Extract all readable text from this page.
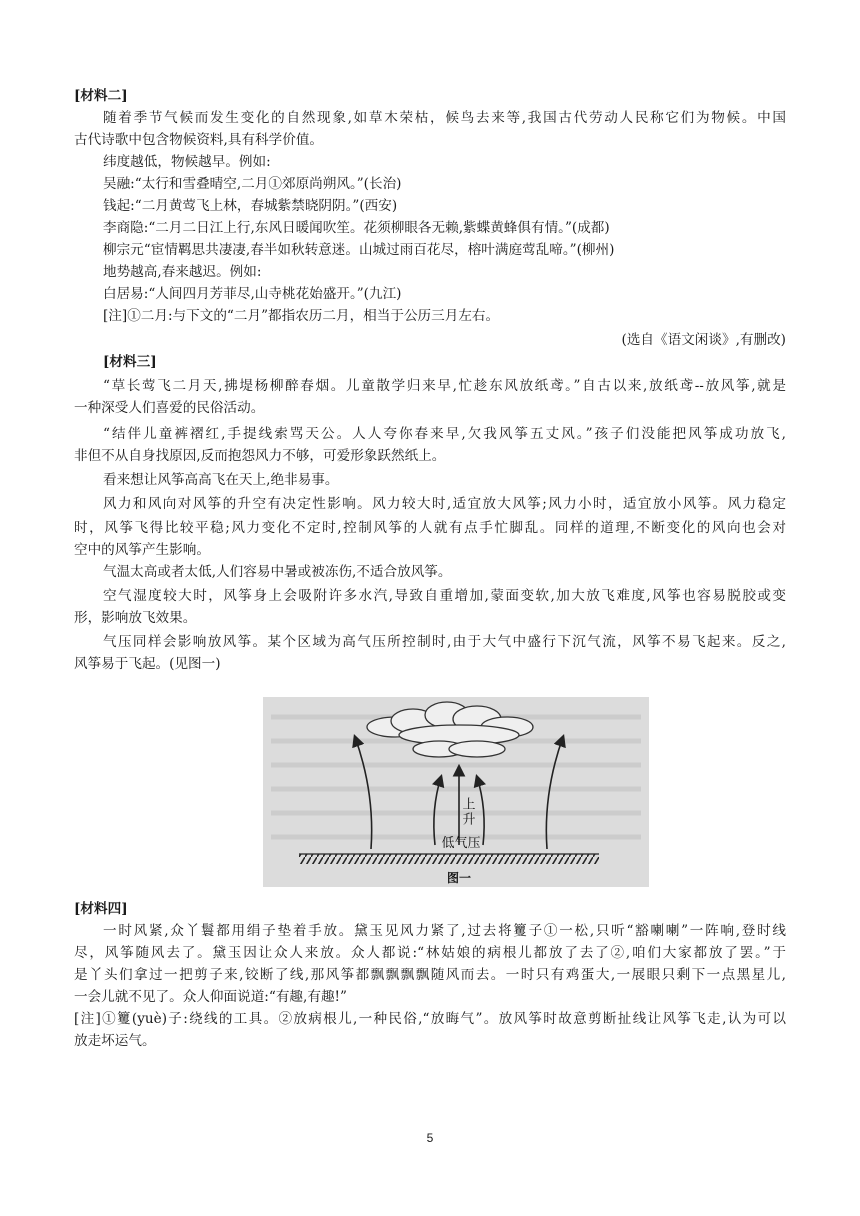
[材料二]
随着季节气候而发生变化的自然现象,如草木荣枯，候鸟去来等,我国古代劳动人民称它们为物候。中国
古代诗歌中包含物候资料,具有科学价值。
纬度越低，物候越早。例如:
吴融:“太行和雪叠晴空,二月①郊原尚朔风。”(长治)
钱起:“二月黄莺飞上林，春城紫禁晓阴阴。”(西安)
李商隐:“二月二日江上行,东风日暖闻吹笙。花须柳眼各无赖,紫蝶黄蜂俱有情。”(成都)
柳宗元“宦情羁思共凄凄,春半如秋转意迷。山城过雨百花尽，榕叶满庭莺乱啼。”(柳州)
地势越高,春来越迟。例如:
白居易:“人间四月芳菲尽,山寺桃花始盛开。”(九江)
[注]①二月:与下文的“二月”都指农历二月，相当于公历三月左右。
(选自《语文闲谈》,有删改)
[材料三]
“草长莺飞二月天,拂堤杨柳醉春烟。儿童散学归来早,忙趁东风放纸鸢。”自古以来,放纸鸢--放风筝,就是
一种深受人们喜爱的民俗活动。
“结伴儿童裤褶红,手提线索骂天公。人人夸你春来早,欠我风筝五丈风。”孩子们没能把风筝成功放飞,
非但不从自身找原因,反而抱怨风力不够，可爱形象跃然纸上。
看来想让风筝高高飞在天上,绝非易事。
风力和风向对风筝的升空有决定性影响。风力较大时,适宜放大风筝;风力小时，适宜放小风筝。风力稳定
时，风筝飞得比较平稳;风力变化不定时,控制风筝的人就有点手忙脚乱。同样的道理,不断变化的风向也会对
空中的风筝产生影响。
气温太高或者太低,人们容易中暑或被冻伤,不适合放风筝。
空气湿度较大时，风筝身上会吸附许多水汽,导致自重增加,蒙面变软,加大放飞难度,风筝也容易脱胶或变
形，影响放飞效果。
气压同样会影响放风筝。某个区域为高气压所控制时,由于大气中盛行下沉气流，风筝不易飞起来。反之,
风筝易于飞起。(见图一)
上升
低气压
图一
[材料四]
一时风紧,众丫鬟都用绢子垫着手放。黛玉见风力紧了,过去将籰子①一松,只听“豁喇喇”一阵响,登时线
尽，风筝随风去了。黛玉因让众人来放。众人都说:“林姑娘的病根儿都放了去了②,咱们大家都放了罢。”于
是丫头们拿过一把剪子来,铰断了线,那风筝都飘飘飘飘随风而去。一时只有鸡蛋大,一展眼只剩下一点黑星儿,
一会儿就不见了。众人仰面说道:“有趣,有趣!”
[注]①籰(yuè)子:绕线的工具。②放病根儿,一种民俗,“放晦气”。放风筝时故意剪断扯线让风筝飞走,认为可以
放走坏运气。
5
